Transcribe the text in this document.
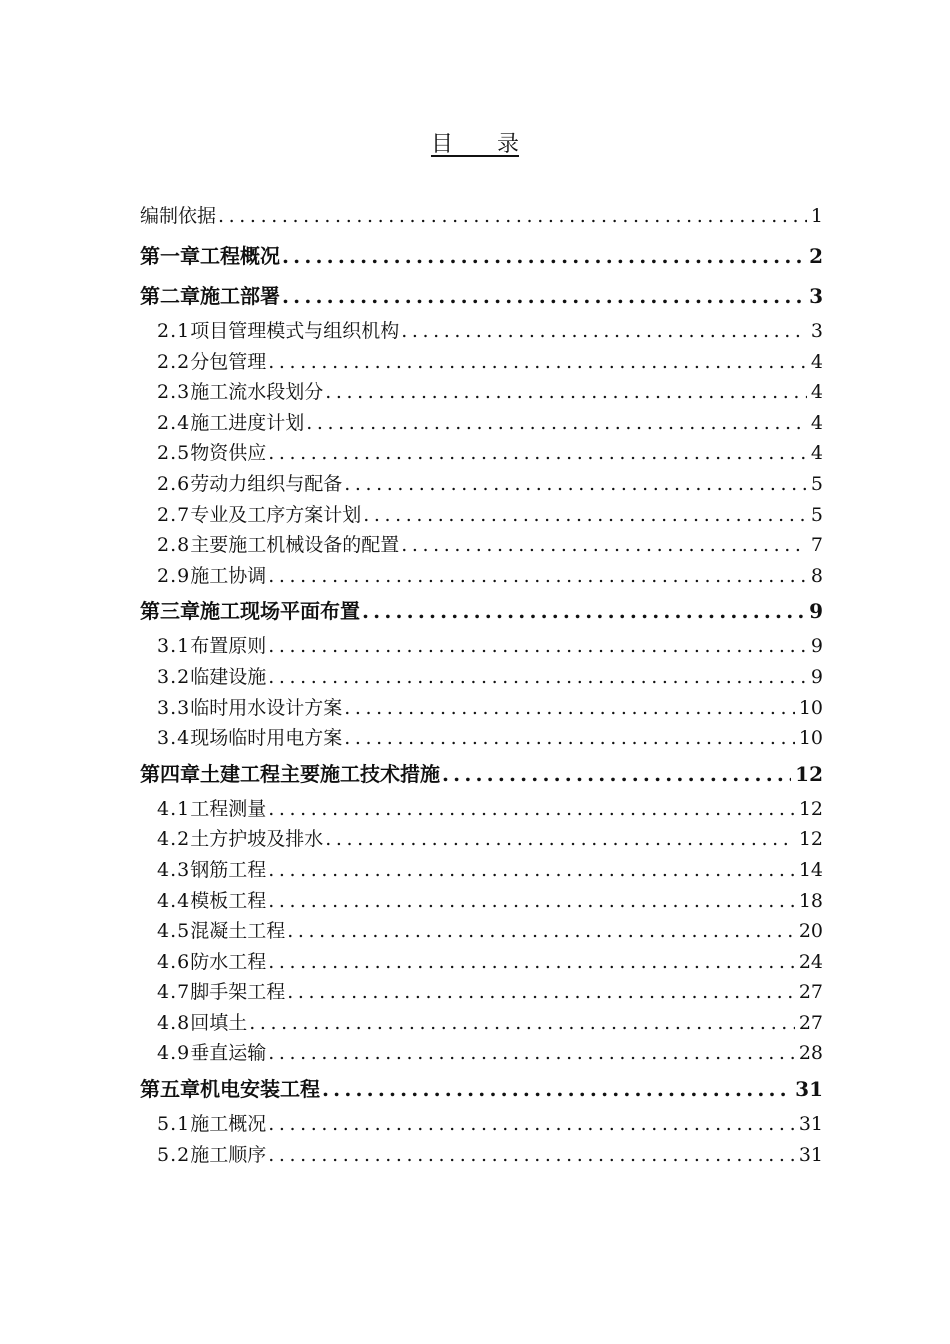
目　　录
编制依据 .....	1
第一章 工程概况 .....	2
第二章 施工部署 .....	3
2.1 项目管理模式与组织机构 .....	3
2.2 分包管理 .....	4
2.3 施工流水段划分 .....	4
2.4 施工进度计划 .....	4
2.5 物资供应 .....	4
2.6 劳动力组织与配备 .....	5
2.7 专业及工序方案计划 .....	5
2.8 主要施工机械设备的配置 .....	7
2.9 施工协调 .....	8
第三章 施工现场平面布置 .....	9
3.1 布置原则 .....	9
3.2 临建设施 .....	9
3.3 临时用水设计方案 .....	10
3.4 现场临时用电方案 .....	10
第四章 土建工程主要施工技术措施 .....	12
4.1 工程测量 .....	12
4.2 土方护坡及排水 .....	12
4.3 钢筋工程 .....	14
4.4 模板工程 .....	18
4.5 混凝土工程 .....	20
4.6 防水工程 .....	24
4.7 脚手架工程 .....	27
4.8 回填土 .....	27
4.9 垂直运输 .....	28
第五章 机电安装工程 .....	31
5.1 施工概况 .....	31
5.2 施工顺序 .....	31
